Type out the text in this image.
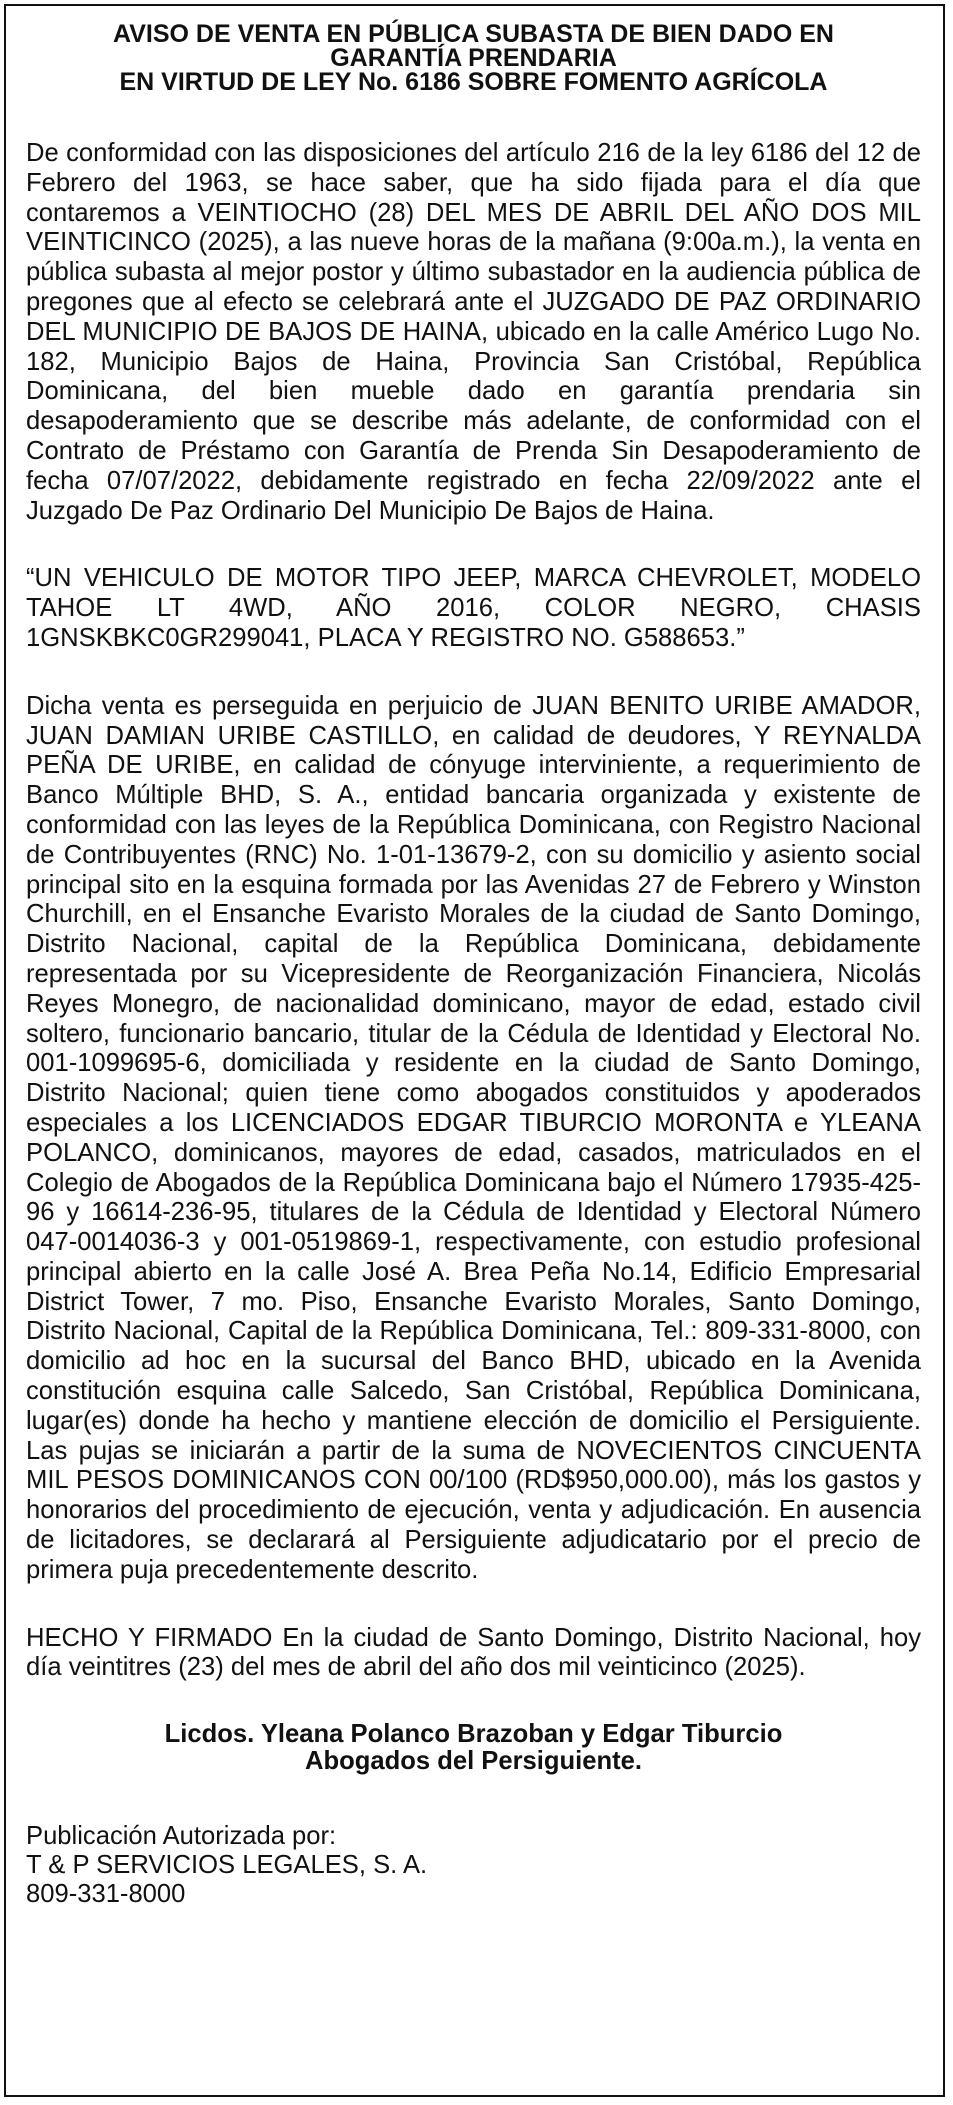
AVISO DE VENTA EN PÚBLICA SUBASTA DE BIEN DADO EN
GARANTÍA PRENDARIA
EN VIRTUD DE LEY No. 6186 SOBRE FOMENTO AGRÍCOLA

De conformidad con las disposiciones del artículo 216 de la ley 6186 del 12 de Febrero del 1963, se hace saber, que ha sido fijada para el día que contaremos a VEINTIOCHO (28) DEL MES DE ABRIL DEL AÑO DOS MIL VEINTICINCO (2025), a las nueve horas de la mañana (9:00a.m.), la venta en pública subasta al mejor postor y último subastador en la audiencia pública de pregones que al efecto se celebrará ante el JUZGADO DE PAZ ORDINARIO DEL MUNICIPIO DE BAJOS DE HAINA, ubicado en la calle Américo Lugo No. 182, Municipio Bajos de Haina, Provincia San Cristóbal, República Dominicana, del bien mueble dado en garantía prendaria sin desapoderamiento que se describe más adelante, de conformidad con el Contrato de Préstamo con Garantía de Prenda Sin Desapoderamiento de fecha 07/07/2022, debidamente registrado en fecha 22/09/2022 ante el Juzgado De Paz Ordinario Del Municipio De Bajos de Haina.

“UN VEHICULO DE MOTOR TIPO JEEP, MARCA CHEVROLET, MODELO TAHOE LT 4WD, AÑO 2016, COLOR NEGRO, CHASIS 1GNSKBKC0GR299041, PLACA Y REGISTRO NO. G588653.”

Dicha venta es perseguida en perjuicio de JUAN BENITO URIBE AMADOR, JUAN DAMIAN URIBE CASTILLO, en calidad de deudores, Y REYNALDA PEÑA DE URIBE, en calidad de cónyuge interviniente, a requerimiento de Banco Múltiple BHD, S. A., entidad bancaria organizada y existente de conformidad con las leyes de la República Dominicana, con Registro Nacional de Contribuyentes (RNC) No. 1-01-13679-2, con su domicilio y asiento social principal sito en la esquina formada por las Avenidas 27 de Febrero y Winston Churchill, en el Ensanche Evaristo Morales de la ciudad de Santo Domingo, Distrito Nacional, capital de la República Dominicana, debidamente representada por su Vicepresidente de Reorganización Financiera, Nicolás Reyes Monegro, de nacionalidad dominicano, mayor de edad, estado civil soltero, funcionario bancario, titular de la Cédula de Identidad y Electoral No. 001-1099695-6, domiciliada y residente en la ciudad de Santo Domingo, Distrito Nacional; quien tiene como abogados constituidos y apoderados especiales a los LICENCIADOS EDGAR TIBURCIO MORONTA e YLEANA POLANCO, dominicanos, mayores de edad, casados, matriculados en el Colegio de Abogados de la República Dominicana bajo el Número 17935-425-96 y 16614-236-95, titulares de la Cédula de Identidad y Electoral Número 047-0014036-3 y 001-0519869-1, respectivamente, con estudio profesional principal abierto en la calle José A. Brea Peña No.14, Edificio Empresarial District Tower, 7 mo. Piso, Ensanche Evaristo Morales, Santo Domingo, Distrito Nacional, Capital de la República Dominicana, Tel.: 809-331-8000, con domicilio ad hoc en la sucursal del Banco BHD, ubicado en la Avenida constitución esquina calle Salcedo, San Cristóbal, República Dominicana, lugar(es) donde ha hecho y mantiene elección de domicilio el Persiguiente. Las pujas se iniciarán a partir de la suma de NOVECIENTOS CINCUENTA MIL PESOS DOMINICANOS CON 00/100 (RD$950,000.00), más los gastos y honorarios del procedimiento de ejecución, venta y adjudicación. En ausencia de licitadores, se declarará al Persiguiente adjudicatario por el precio de primera puja precedentemente descrito.

HECHO Y FIRMADO En la ciudad de Santo Domingo, Distrito Nacional, hoy día veintitres (23) del mes de abril del año dos mil veinticinco (2025).

Licdos. Yleana Polanco Brazoban y Edgar Tiburcio
Abogados del Persiguiente.
Publicación Autorizada por:
T & P SERVICIOS LEGALES, S. A.
809-331-8000
